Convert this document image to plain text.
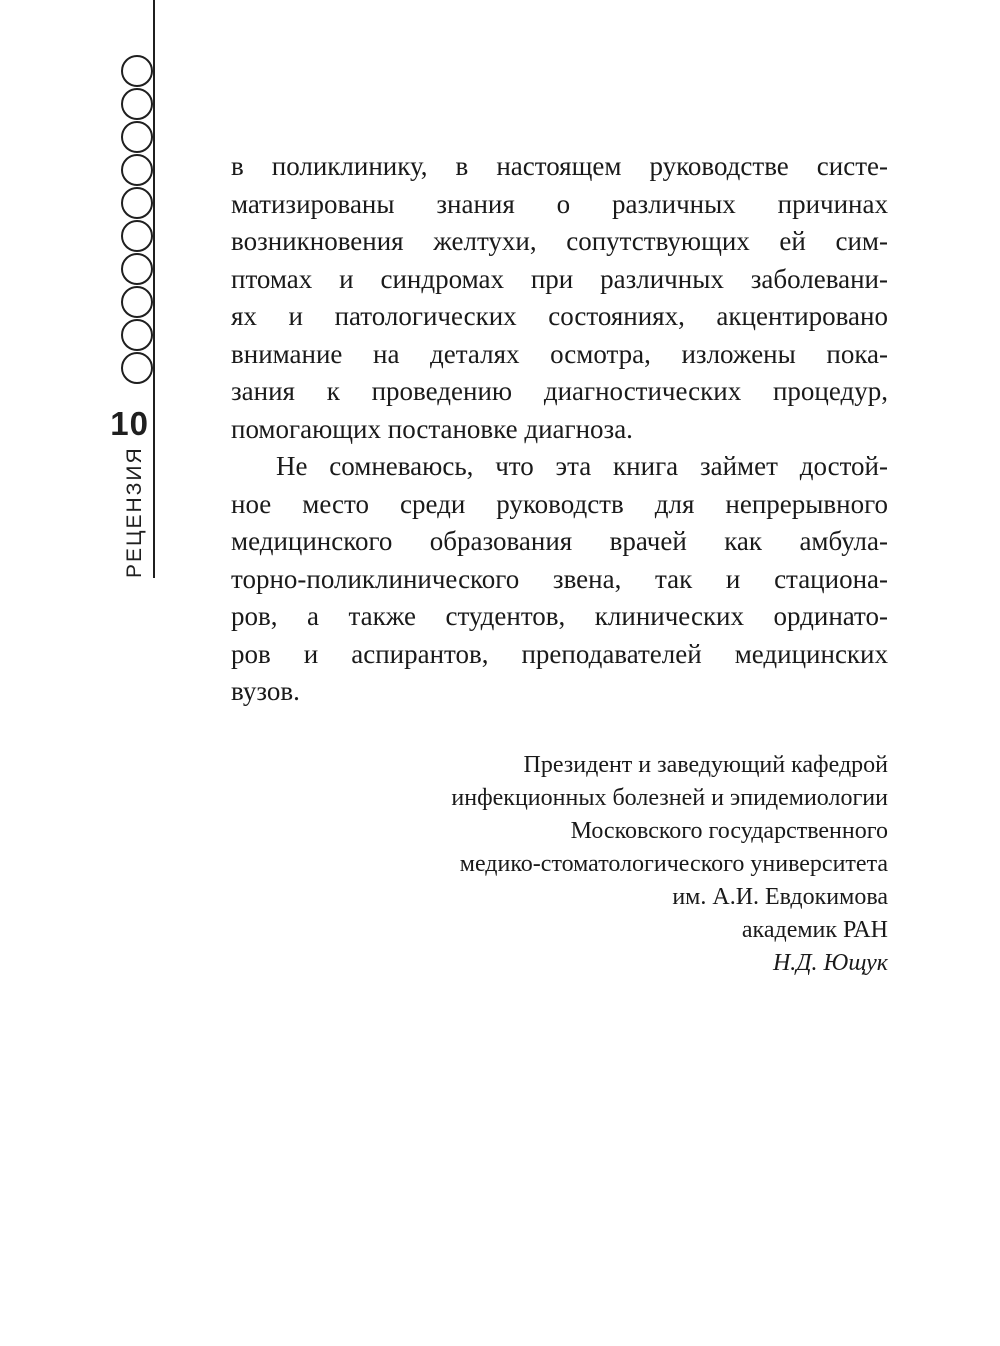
10
РЕЦЕНЗИЯ
в поликлинику, в настоящем руководстве систе-
матизированы знания о различных причинах
возникновения желтухи, сопутствующих ей сим-
птомах и синдромах при различных заболевани-
ях и патологических состояниях, акцентировано
внимание на деталях осмотра, изложены пока-
зания к проведению диагностических процедур,
помогающих постановке диагноза.
Не сомневаюсь, что эта книга займет достой-
ное место среди руководств для непрерывного
медицинского образования врачей как амбула-
торно-поликлинического звена, так и стациона-
ров, а также студентов, клинических ординато-
ров и аспирантов, преподавателей медицинских
вузов.
Президент и заведующий кафедрой
инфекционных болезней и эпидемиологии
Московского государственного
медико-стоматологического университета
им. А.И. Евдокимова
академик РАН
Н.Д. Ющук
